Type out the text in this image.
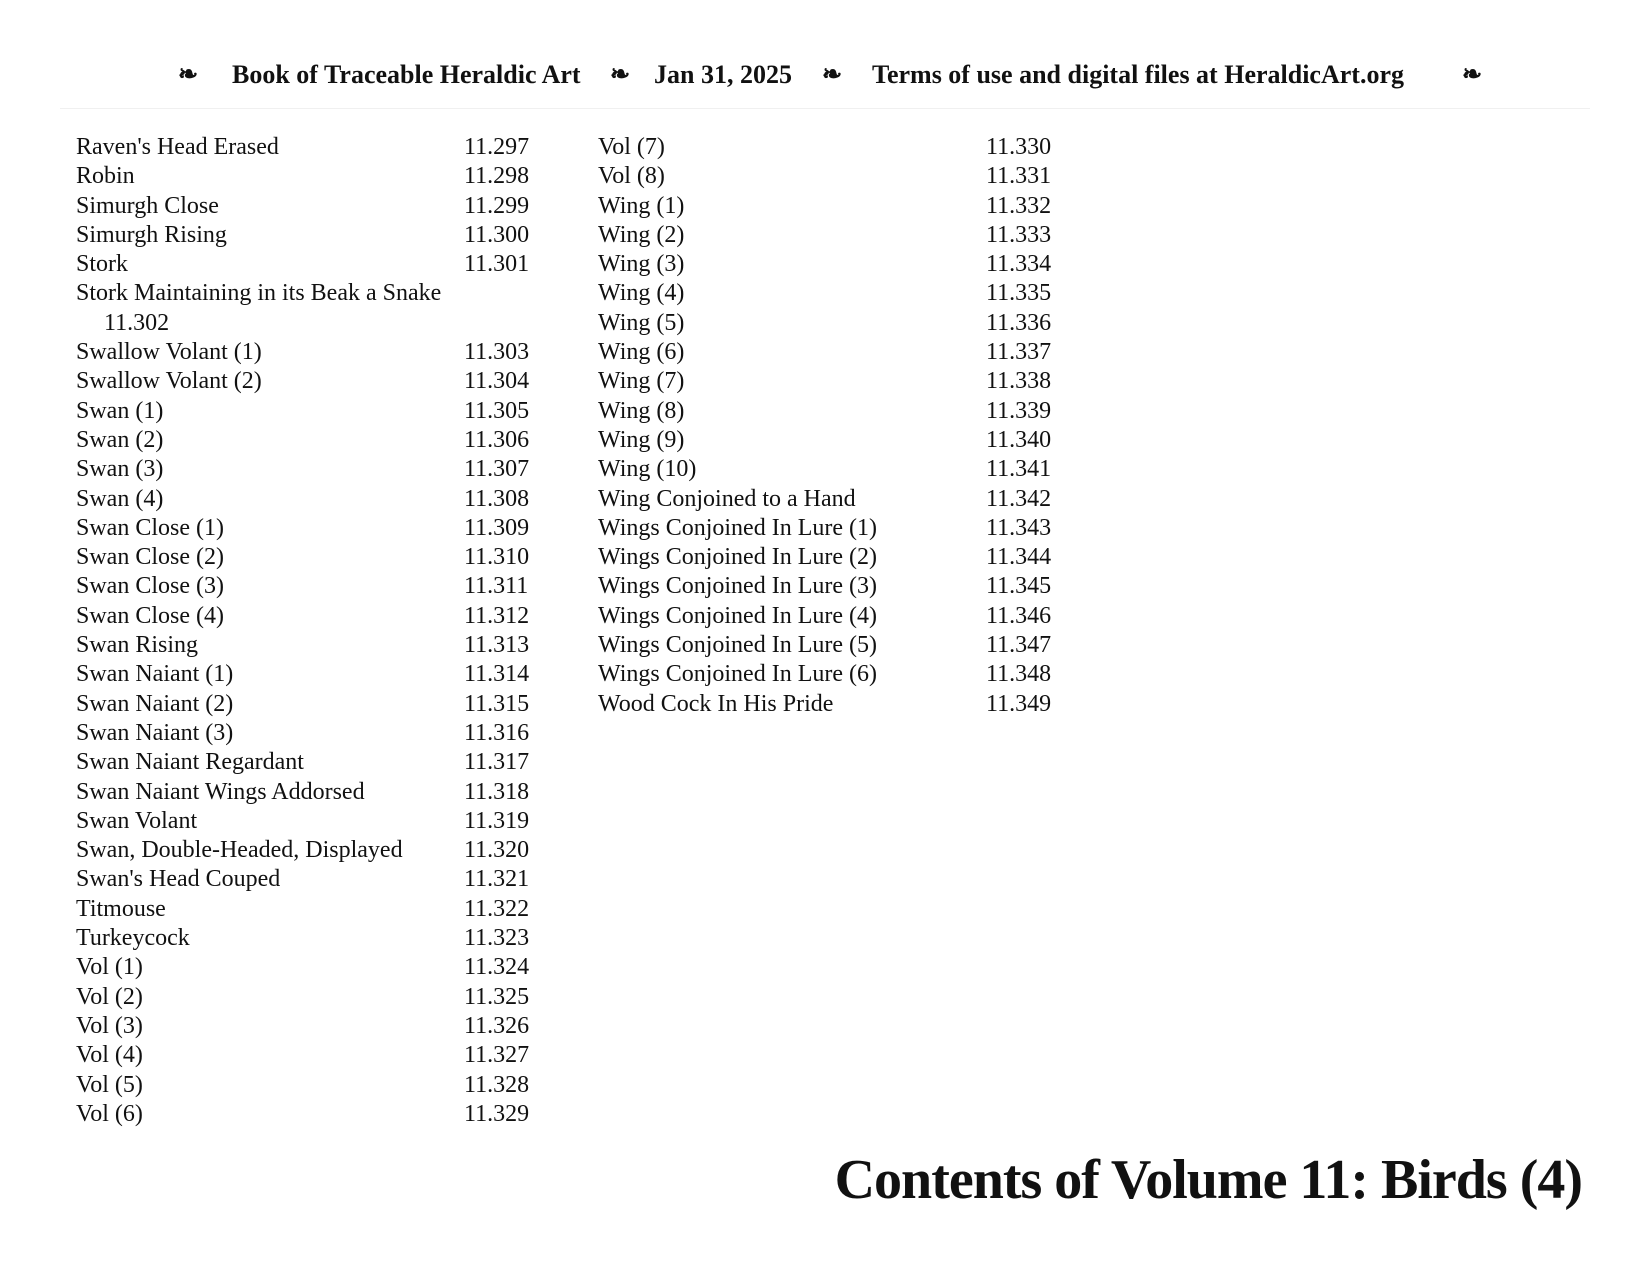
❧ Book of Traceable Heraldic Art ❧ Jan 31, 2025 ❧ Terms of use and digital files at HeraldicArt.org ❧
Raven's Head Erased	11.297
Robin	11.298
Simurgh Close	11.299
Simurgh Rising	11.300
Stork	11.301
Stork Maintaining in its Beak a Snake
11.302
Swallow Volant (1)	11.303
Swallow Volant (2)	11.304
Swan (1)	11.305
Swan (2)	11.306
Swan (3)	11.307
Swan (4)	11.308
Swan Close (1)	11.309
Swan Close (2)	11.310
Swan Close (3)	11.311
Swan Close (4)	11.312
Swan Rising	11.313
Swan Naiant (1)	11.314
Swan Naiant (2)	11.315
Swan Naiant (3)	11.316
Swan Naiant Regardant	11.317
Swan Naiant Wings Addorsed	11.318
Swan Volant	11.319
Swan, Double-Headed, Displayed	11.320
Swan's Head Couped	11.321
Titmouse	11.322
Turkeycock	11.323
Vol (1)	11.324
Vol (2)	11.325
Vol (3)	11.326
Vol (4)	11.327
Vol (5)	11.328
Vol (6)	11.329
Vol (7)	11.330
Vol (8)	11.331
Wing (1)	11.332
Wing (2)	11.333
Wing (3)	11.334
Wing (4)	11.335
Wing (5)	11.336
Wing (6)	11.337
Wing (7)	11.338
Wing (8)	11.339
Wing (9)	11.340
Wing (10)	11.341
Wing Conjoined to a Hand	11.342
Wings Conjoined In Lure (1)	11.343
Wings Conjoined In Lure (2)	11.344
Wings Conjoined In Lure (3)	11.345
Wings Conjoined In Lure (4)	11.346
Wings Conjoined In Lure (5)	11.347
Wings Conjoined In Lure (6)	11.348
Wood Cock In His Pride	11.349
Contents of Volume 11: Birds (4)
